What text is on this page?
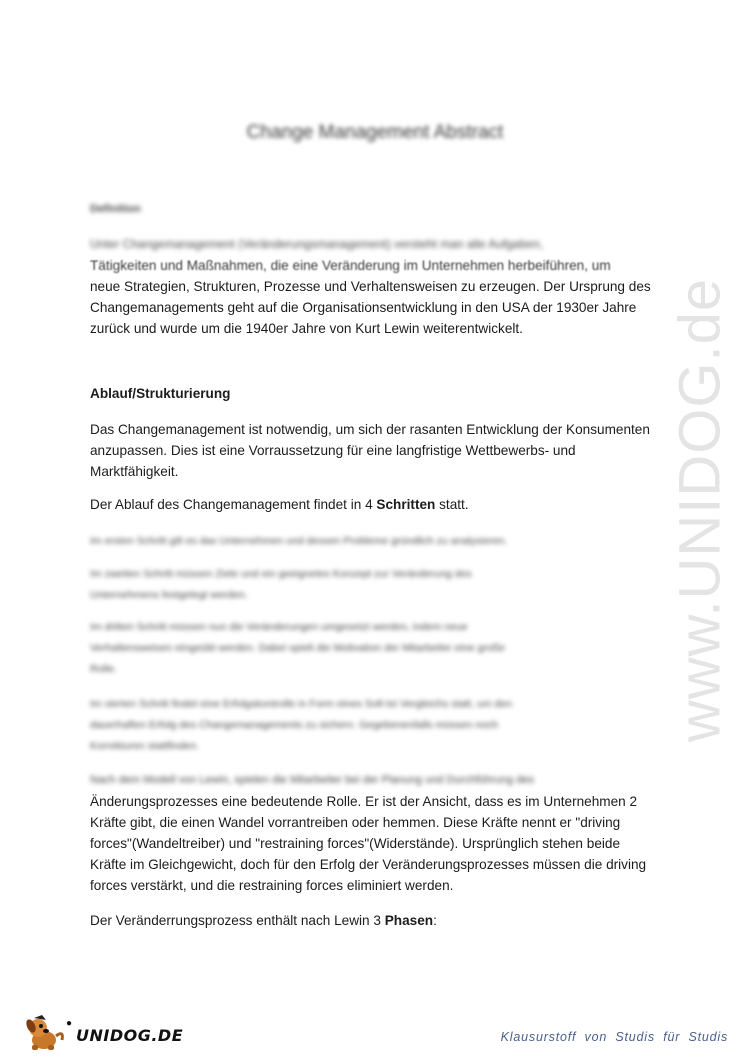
www.UNIDOG.de
Change Management Abstract
Definition
Unter Changemanagement (Veränderungsmanagement) versteht man alle Aufgaben,
Tätigkeiten und Maßnahmen, die eine Veränderung im Unternehmen herbeiführen, um
neue Strategien, Strukturen, Prozesse und Verhaltensweisen zu erzeugen. Der Ursprung des
Changemanagements geht auf die Organisationsentwicklung in den USA der 1930er Jahre
zurück und wurde um die 1940er Jahre von Kurt Lewin weiterentwickelt.
Ablauf/Strukturierung
Das Changemanagement ist notwendig, um sich der rasanten Entwicklung der Konsumenten
anzupassen. Dies ist eine Vorraussetzung für eine langfristige Wettbewerbs- und
Marktfähigkeit.
Der Ablauf des Changemanagement findet in 4 Schritten statt.
Im ersten Schritt gilt es das Unternehmen und dessen Probleme gründlich zu analysieren.
Im zweiten Schritt müssen Ziele und ein geeignetes Konzept zur Veränderung des
Unternehmens festgelegt werden.
Im dritten Schritt müssen nun die Veränderungen umgesetzt werden, indem neue
Verhaltensweisen eingeübt werden. Dabei spielt die Motivation der Mitarbeiter eine große
Rolle.
Im vierten Schritt findet eine Erfolgskontrolle in Form eines Soll-Ist Vergleichs statt, um den
dauerhaften Erfolg des Changemanagements zu sichern. Gegebenenfalls müssen noch
Korrekturen stattfinden.
Nach dem Modell von Lewin, spielen die Mitarbeiter bei der Planung und Durchführung des
Änderungsprozesses eine bedeutende Rolle. Er ist der Ansicht, dass es im Unternehmen 2
Kräfte gibt, die einen Wandel vorrantreiben oder hemmen. Diese Kräfte nennt er "driving
forces"(Wandeltreiber) und "restraining forces"(Widerstände). Ursprünglich stehen beide
Kräfte im Gleichgewicht, doch für den Erfolg der Veränderungsprozesses müssen die driving
forces verstärkt, und die restraining forces eliminiert werden.
Der Veränderrungsprozess enthält nach Lewin 3 Phasen:
●
UNIDOG.DE	Klausurstoff von Studis für Studis
